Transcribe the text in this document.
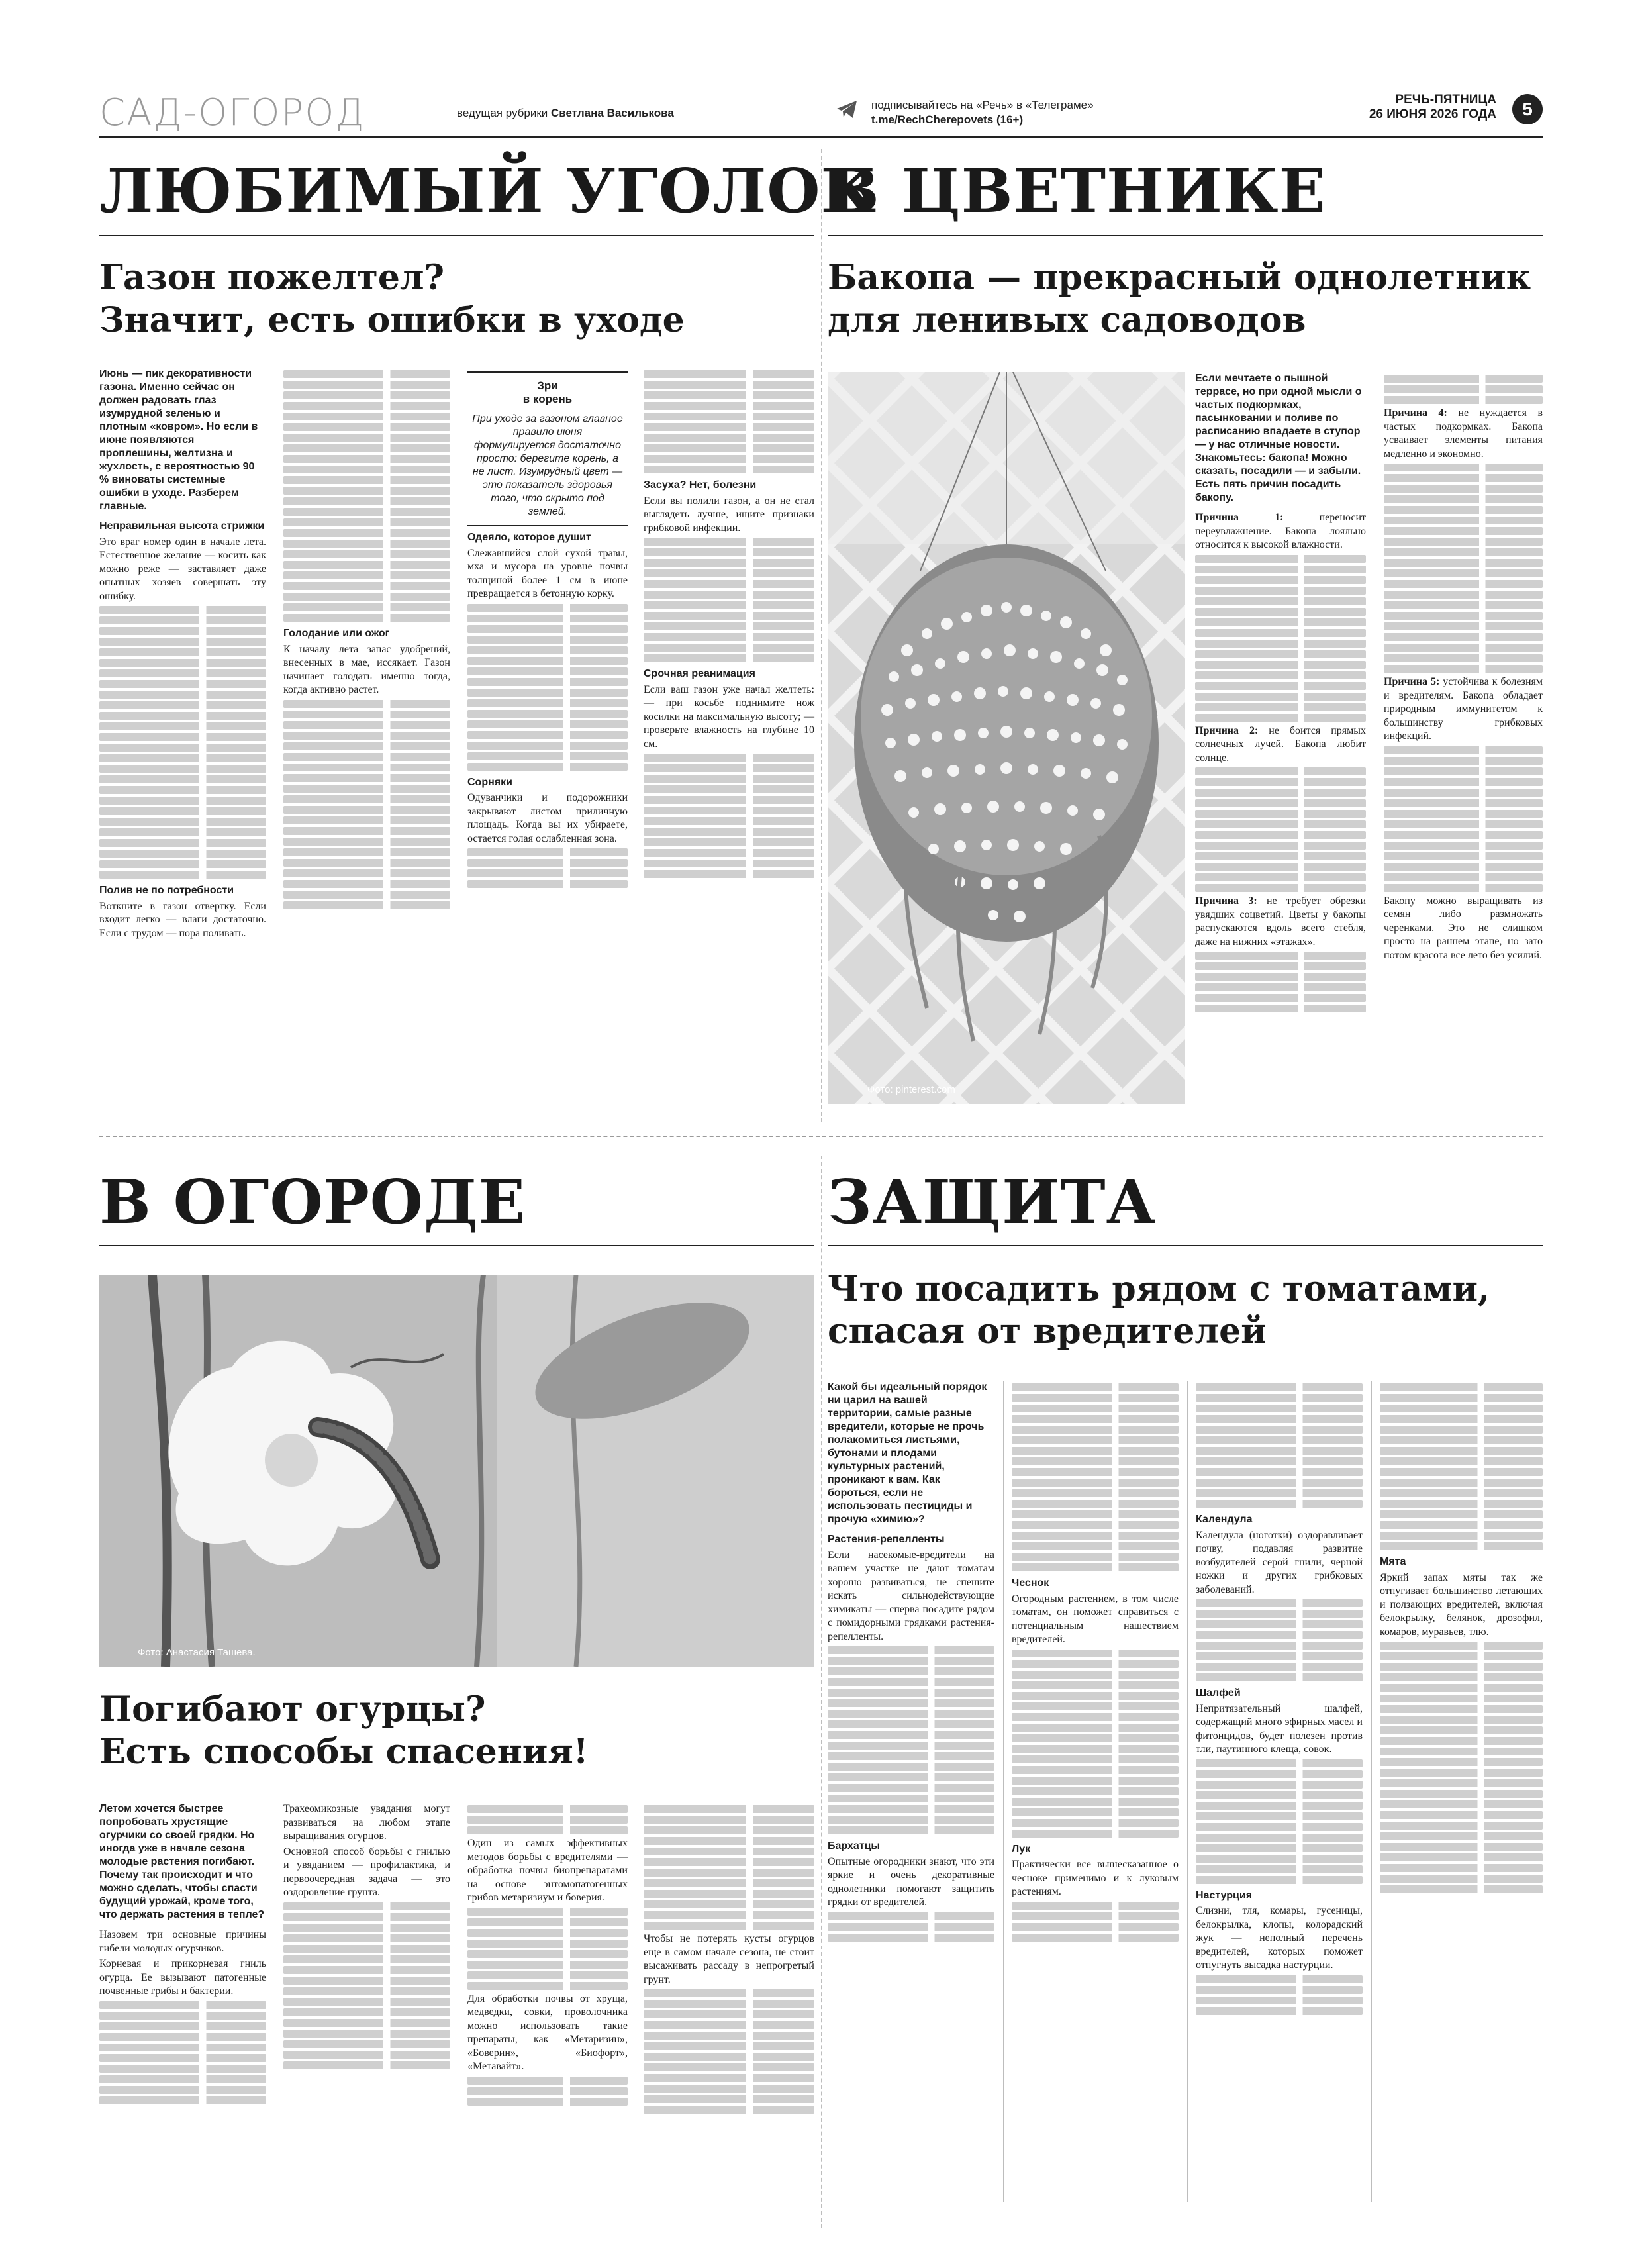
САД-ОГОРОД	ведущая рубрики Светлана Василькова
подписывайтесь на «Речь» в «Телеграме»
t.me/RechCherepovets (16+)
РЕЧЬ-ПЯТНИЦА
26 ИЮНЯ 2026 ГОДА	5
ЛЮБИМЫЙ УГОЛОК
Газон пожелтел?
Значит, есть ошибки в уходе

Июнь — пик декоративности газона. Именно сейчас он должен радовать глаз изумрудной зеленью и плотным «ковром». Но если в июне появляются проплешины, желтизна и жухлость, с вероятностью 90 % виноваты системные ошибки в уходе. Разберем главные.

Неправильная высота стрижки

Это враг номер один в начале лета. Естественное желание — косить как можно реже — заставляет даже опытных хозяев совершать эту ошибку.

Полив не по потребности

Воткните в газон отвертку. Если входит легко — влаги достаточно. Если с трудом — пора поливать.

Голодание или ожог

К началу лета запас удобрений, внесенных в мае, иссякает. Газон начинает голодать именно тогда, когда активно растет.

Зри
в корень
При уходе за газоном главное правило июня формулируется достаточно просто: берегите корень, а не лист. Изумрудный цвет — это показатель здоровья того, что скрыто под землей.

Одеяло, которое душит

Слежавшийся слой сухой травы, мха и мусора на уровне почвы толщиной более 1 см в июне превращается в бетонную корку.

Сорняки

Одуванчики и подорожники закрывают листом приличную площадь. Когда вы их убираете, остается голая ослабленная зона.

Засуха? Нет, болезни

Если вы полили газон, а он не стал выглядеть лучше, ищите признаки грибковой инфекции.

Срочная реанимация

Если ваш газон уже начал желтеть: — при косьбе поднимите нож косилки на максимальную высоту; — проверьте влажность на глубине 10 см.

В ЦВЕТНИКЕ
Бакопа — прекрасный однолетник
для ленивых садоводов
Фото: pinterest.com

Если мечтаете о пышной террасе, но при одной мысли о частых подкормках, пасынковании и поливе по расписанию впадаете в ступор — у нас отличные новости. Знакомьтесь: бакопа! Можно сказать, посадили — и забыли. Есть пять причин посадить бакопу.

Причина 1:	переносит переувлажнение. Бакопа лояльно относится к высокой влажности.

Причина 2: не боится прямых солнечных лучей. Бакопа любит солнце.

Причина 3: не требует обрезки увядших соцветий. Цветы у бакопы распускаются вдоль всего стебля, даже на нижних «этажах».

Причина 4: не нуждается в частых подкормках. Бакопа усваивает элементы питания медленно и экономно.

Причина 5: устойчива к болезням и вредителям. Бакопа обладает природным иммунитетом к большинству грибковых инфекций.

Бакопу можно выращивать из семян либо размножать черенками. Это не слишком просто на раннем этапе, но зато потом красота все лето без усилий.

В ОГОРОДЕ
Фото: Анастасия Ташева.
Погибают огурцы?
Есть способы спасения!

Летом хочется быстрее попробовать хрустящие огурчики со своей грядки. Но иногда уже в начале сезона молодые растения погибают. Почему так происходит и что можно сделать, чтобы спасти будущий урожай, кроме того, что держать растения в тепле?

Назовем три основные причины гибели молодых огурчиков.

Корневая и прикорневая гниль огурца. Ее вызывают патогенные почвенные грибы и бактерии.

Трахеомикозные увядания могут развиваться на любом этапе выращивания огурцов.

Основной способ борьбы с гнилью и увяданием — профилактика, и первоочередная задача — это оздоровление грунта.

Один из самых эффективных методов борьбы с вредителями — обработка почвы биопрепаратами на основе энтомопатогенных грибов метаризиум и боверия.

Для обработки почвы от хруща, медведки, совки, проволочника можно использовать такие препараты, как «Метаризин», «Боверин», «Биофорт», «Метавайт».

Чтобы не потерять кусты огурцов еще в самом начале сезона, не стоит высаживать рассаду в непрогретый грунт.

ЗАЩИТА
Что посадить рядом с томатами,
спасая от вредителей

Какой бы идеальный порядок ни царил на вашей территории, самые разные вредители, которые не прочь полакомиться листьями, бутонами и плодами культурных растений, проникают к вам. Как бороться, если не использовать пестициды и прочую «химию»?

Растения-репелленты

Если насекомые-вредители на вашем участке не дают томатам хорошо развиваться, не спешите искать сильнодействующие химикаты — сперва посадите рядом с помидорными грядками растения-репелленты.

Бархатцы

Опытные огородники знают, что эти яркие и очень декоративные однолетники помогают защитить грядки от вредителей.

Чеснок

Огородным растением, в том числе томатам, он поможет справиться с потенциальным нашествием вредителей.

Лук

Практически все вышесказанное о чесноке применимо и к луковым растениям.

Календула

Календула (ноготки) оздоравливает почву, подавляя развитие возбудителей серой гнили, черной ножки и других грибковых заболеваний.

Шалфей

Непритязательный шалфей, содержащий много эфирных масел и фитонцидов, будет полезен против тли, паутинного клеща, совок.

Настурция

Слизни, тля, комары, гусеницы, белокрылка, клопы, колорадский жук — неполный перечень вредителей, которых поможет отпугнуть высадка настурции.

Мята

Яркий запах мяты так же отпугивает большинство летающих и ползающих вредителей, включая белокрылку, белянок, дрозофил, комаров, муравьев, тлю.
